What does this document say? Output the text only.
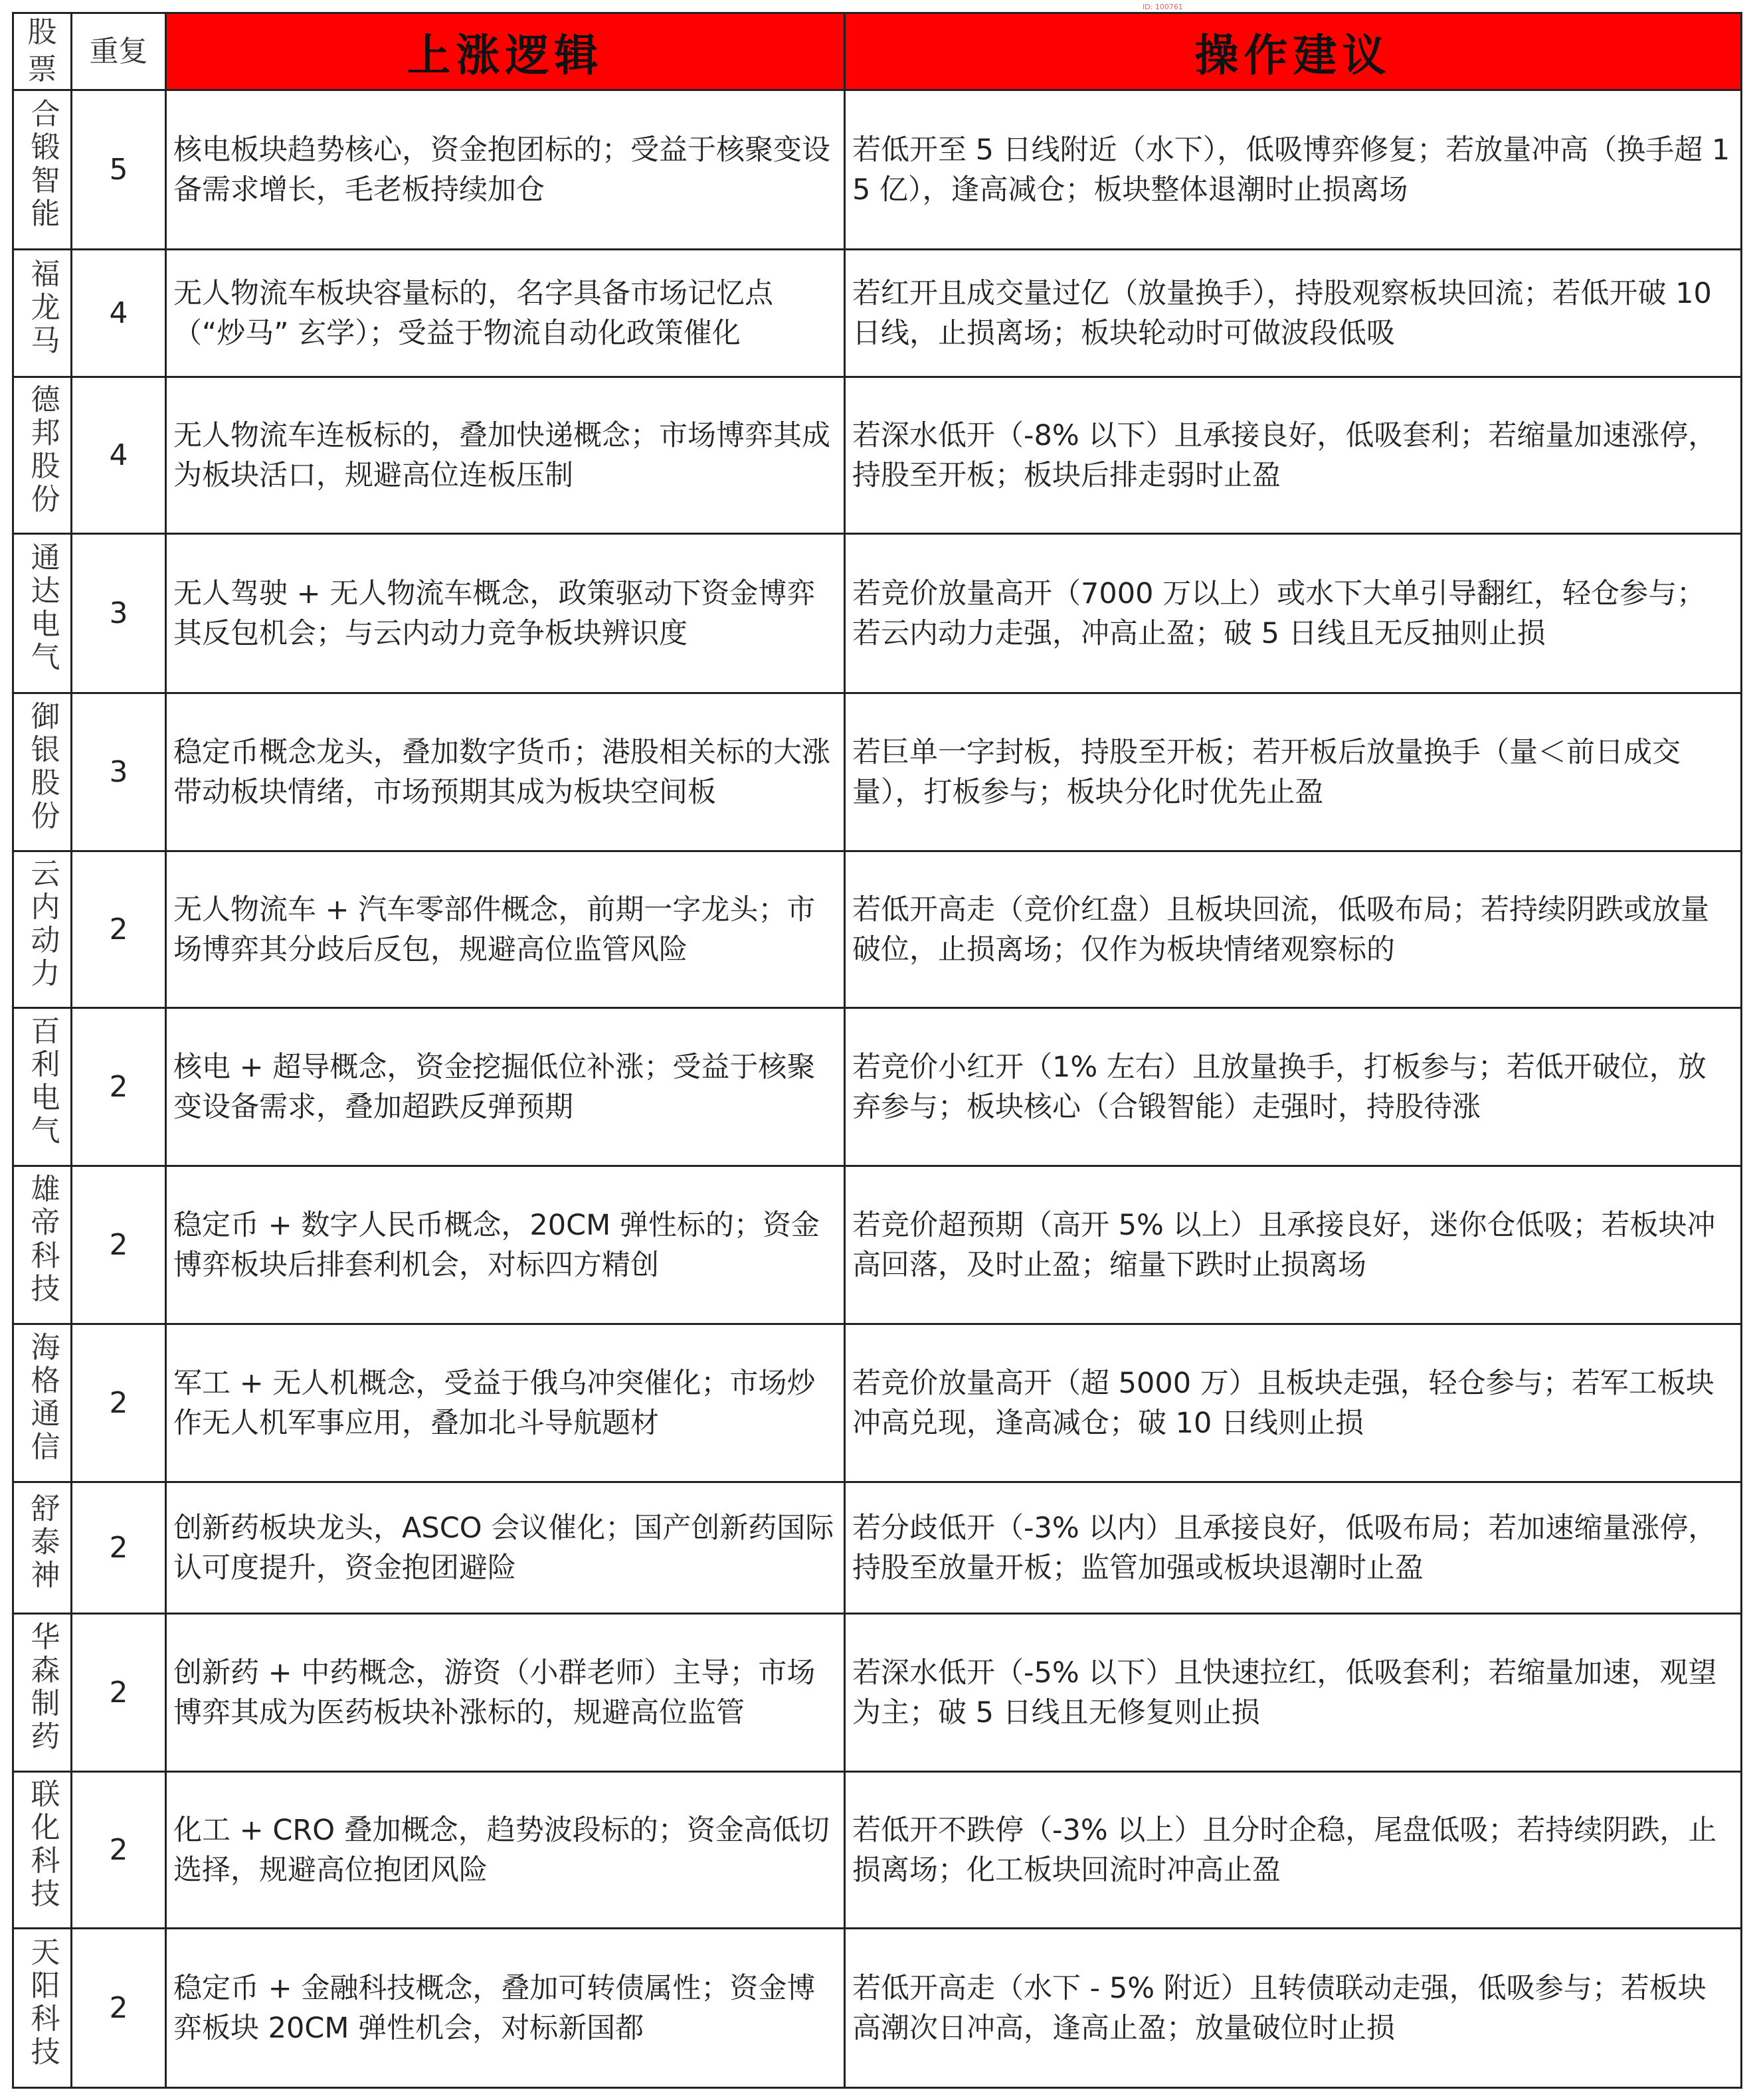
ID: 100761
股票	重复	上涨逻辑	操作建议
合锻智能	5	核电板块趋势核心，资金抱团标的；受益于核聚变设备需求增长，毛老板持续加仓	若低开至 5 日线附近（水下），低吸博弈修复；若放量冲高（换手超 15 亿），逢高减仓；板块整体退潮时止损离场
福龙马	4	无人物流车板块容量标的，名字具备市场记忆点（“炒马” 玄学）；受益于物流自动化政策催化	若红开且成交量过亿（放量换手），持股观察板块回流；若低开破 10 日线，止损离场；板块轮动时可做波段低吸
德邦股份	4	无人物流车连板标的，叠加快递概念；市场博弈其成为板块活口，规避高位连板压制	若深水低开（-8% 以下）且承接良好，低吸套利；若缩量加速涨停，持股至开板；板块后排走弱时止盈
通达电气	3	无人驾驶 + 无人物流车概念，政策驱动下资金博弈其反包机会；与云内动力竞争板块辨识度	若竞价放量高开（7000 万以上）或水下大单引导翻红，轻仓参与；若云内动力走强，冲高止盈；破 5 日线且无反抽则止损
御银股份	3	稳定币概念龙头，叠加数字货币；港股相关标的大涨带动板块情绪，市场预期其成为板块空间板	若巨单一字封板，持股至开板；若开板后放量换手（量＜前日成交量），打板参与；板块分化时优先止盈
云内动力	2	无人物流车 + 汽车零部件概念，前期一字龙头；市场博弈其分歧后反包，规避高位监管风险	若低开高走（竞价红盘）且板块回流，低吸布局；若持续阴跌或放量破位，止损离场；仅作为板块情绪观察标的
百利电气	2	核电 + 超导概念，资金挖掘低位补涨；受益于核聚变设备需求，叠加超跌反弹预期	若竞价小红开（1% 左右）且放量换手，打板参与；若低开破位，放弃参与；板块核心（合锻智能）走强时，持股待涨
雄帝科技	2	稳定币 + 数字人民币概念，20CM 弹性标的；资金博弈板块后排套利机会，对标四方精创	若竞价超预期（高开 5% 以上）且承接良好，迷你仓低吸；若板块冲高回落，及时止盈；缩量下跌时止损离场
海格通信	2	军工 + 无人机概念，受益于俄乌冲突催化；市场炒作无人机军事应用，叠加北斗导航题材	若竞价放量高开（超 5000 万）且板块走强，轻仓参与；若军工板块冲高兑现，逢高减仓；破 10 日线则止损
舒泰神	2	创新药板块龙头，ASCO 会议催化；国产创新药国际认可度提升，资金抱团避险	若分歧低开（-3% 以内）且承接良好，低吸布局；若加速缩量涨停，持股至放量开板；监管加强或板块退潮时止盈
华森制药	2	创新药 + 中药概念，游资（小群老师）主导；市场博弈其成为医药板块补涨标的，规避高位监管	若深水低开（-5% 以下）且快速拉红，低吸套利；若缩量加速，观望为主；破 5 日线且无修复则止损
联化科技	2	化工 + CRO 叠加概念，趋势波段标的；资金高低切选择，规避高位抱团风险	若低开不跌停（-3% 以上）且分时企稳，尾盘低吸；若持续阴跌，止损离场；化工板块回流时冲高止盈
天阳科技	2	稳定币 + 金融科技概念，叠加可转债属性；资金博弈板块 20CM 弹性机会，对标新国都	若低开高走（水下 - 5% 附近）且转债联动走强，低吸参与；若板块高潮次日冲高，逢高止盈；放量破位时止损
